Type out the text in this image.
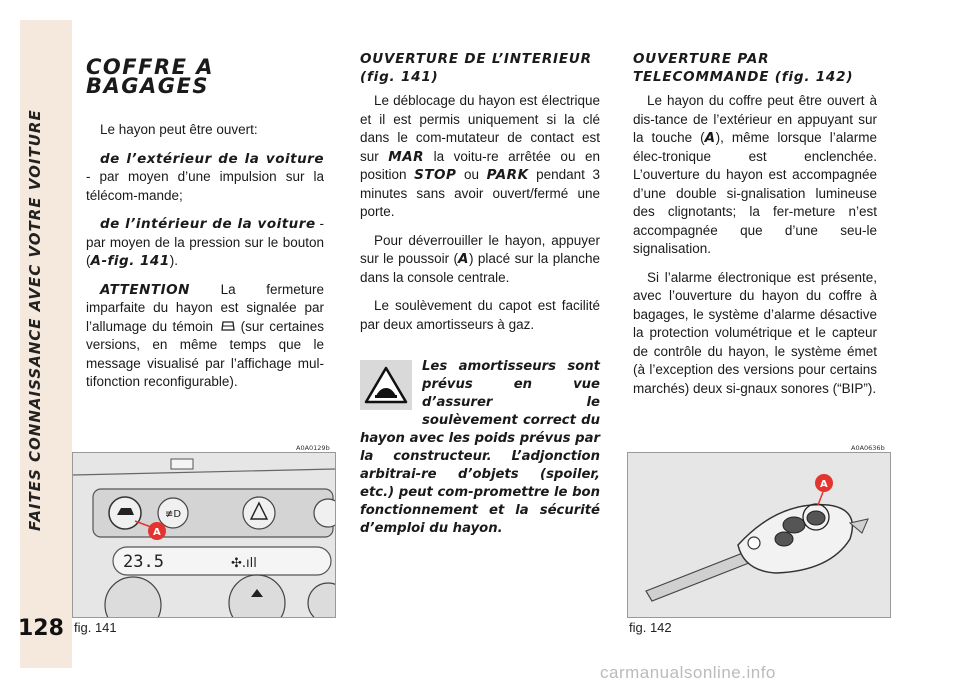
FAITES CONNAISSANCE AVEC VOTRE VOITURE
128
COFFRE A BAGAGES

Le hayon peut être ouvert:

de l’extérieur de la voiture - par moyen d’une impulsion sur la télécom-mande;

de l’intérieur de la voiture - par moyen de la pression sur le bouton (A-fig. 141).

ATTENTION La fermeture imparfaite du hayon est signalée par l’allumage du témoin  (sur certaines versions, en même temps que le message visualisé par l’affichage mul-tifonction reconfigurable).

OUVERTURE DE L’INTERIEUR
(fig. 141)

Le déblocage du hayon est électrique et il est permis uniquement si la clé dans le com-mutateur de contact est sur MAR la voitu-re arrêtée ou en position STOP ou PARK pendant 3 minutes sans avoir ouvert/fermé une porte.

Pour déverrouiller le hayon, appuyer sur le poussoir (A) placé sur la planche dans la console centrale.

Le soulèvement du capot est facilité par deux amortisseurs à gaz.

Les amortisseurs sont prévus en vue d’assurer le soulèvement correct du hayon avec les poids prévus par la constructeur. L’adjonction arbitrai-re d’objets (spoiler, etc.) peut com-promettre le bon fonctionnement et la sécurité d’emploi du hayon.
OUVERTURE PAR
TELECOMMANDE (fig. 142)

Le hayon du coffre peut être ouvert à dis-tance de l’extérieur en appuyant sur la touche (A), même lorsque l’alarme élec-tronique est enclenchée. L’ouverture du hayon est accompagnée d’une double si-gnalisation lumineuse des clignotants; la fer-meture n’est accompagnée que d’une seu-le signalisation.

Si l’alarme électronique est présente, avec l’ouverture du hayon du coffre à bagages, le système d’alarme désactive la protection volumétrique et le capteur de contrôle du hayon, le système émet (à l’exception des versions pour certains marchés) deux si-gnaux sonores (“BIP”).

A0A0129b
≢D
A
23.5	✣.ıll
fig. 141
A0A0636b
A
fig. 142
carmanualsonline.info
